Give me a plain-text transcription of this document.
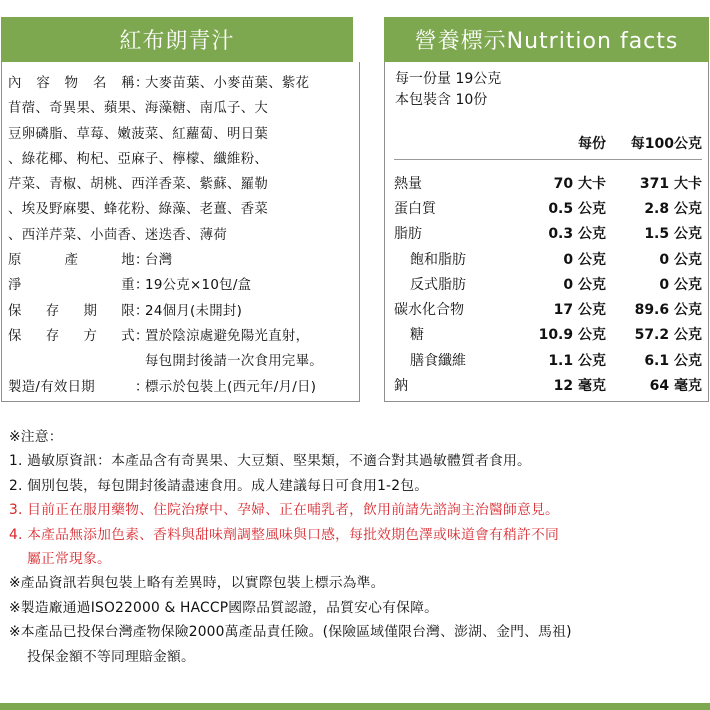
紅布朗青汁	營養標示Nutrition facts
內 容 物 名 稱 ：
大麥苗葉、小麥苗葉、紫花
苜蓿、奇異果、蘋果、海藻糖、南瓜子、大
豆卵磷脂、草莓、嫩菠菜、紅蘿蔔、明日葉
、綠花椰、枸杞、亞麻子、檸檬、纖維粉、
芹菜、青椒、胡桃、西洋香菜、紫蘇、羅勒
、埃及野麻嬰、蜂花粉、綠藻、老薑、香菜
、西洋芹菜、小茴香、迷迭香、薄荷
原	產	地 ：
台灣
淨	重 ：
19公克×10包/盒
保 存 期 限 ：
24個月(未開封)
保 存 方 式 ：
置於陰涼處避免陽光直射，
每包開封後請一次食用完畢。
製造/有效日期	：
標示於包裝上(西元年/月/日)
每一份量 19公克
本包裝含 10份
每份	每100公克
熱量	70 大卡	371 大卡
蛋白質	0.5 公克	2.8 公克
脂肪	0.3 公克	1.5 公克
飽和脂肪	0 公克	0 公克
反式脂肪	0 公克	0 公克
碳水化合物	17 公克	89.6 公克
糖	10.9 公克	57.2 公克
膳食纖維	1.1 公克	6.1 公克
鈉	12 毫克	64 毫克
※注意：
1. 過敏原資訊：本產品含有奇異果、大豆類、堅果類，不適合對其過敏體質者食用。
2. 個別包裝，每包開封後請盡速食用。成人建議每日可食用1-2包。
3. 目前正在服用藥物、住院治療中、孕婦、正在哺乳者，飲用前請先諮詢主治醫師意見。
4. 本產品無添加色素、香料與甜味劑調整風味與口感，每批效期色澤或味道會有稍許不同
屬正常現象。
※產品資訊若與包裝上略有差異時，以實際包裝上標示為準。
※製造廠通過ISO22000 & HACCP國際品質認證，品質安心有保障。
※本產品已投保台灣產物保險2000萬產品責任險。(保險區域僅限台灣、澎湖、金門、馬祖)
投保金額不等同理賠金額。
